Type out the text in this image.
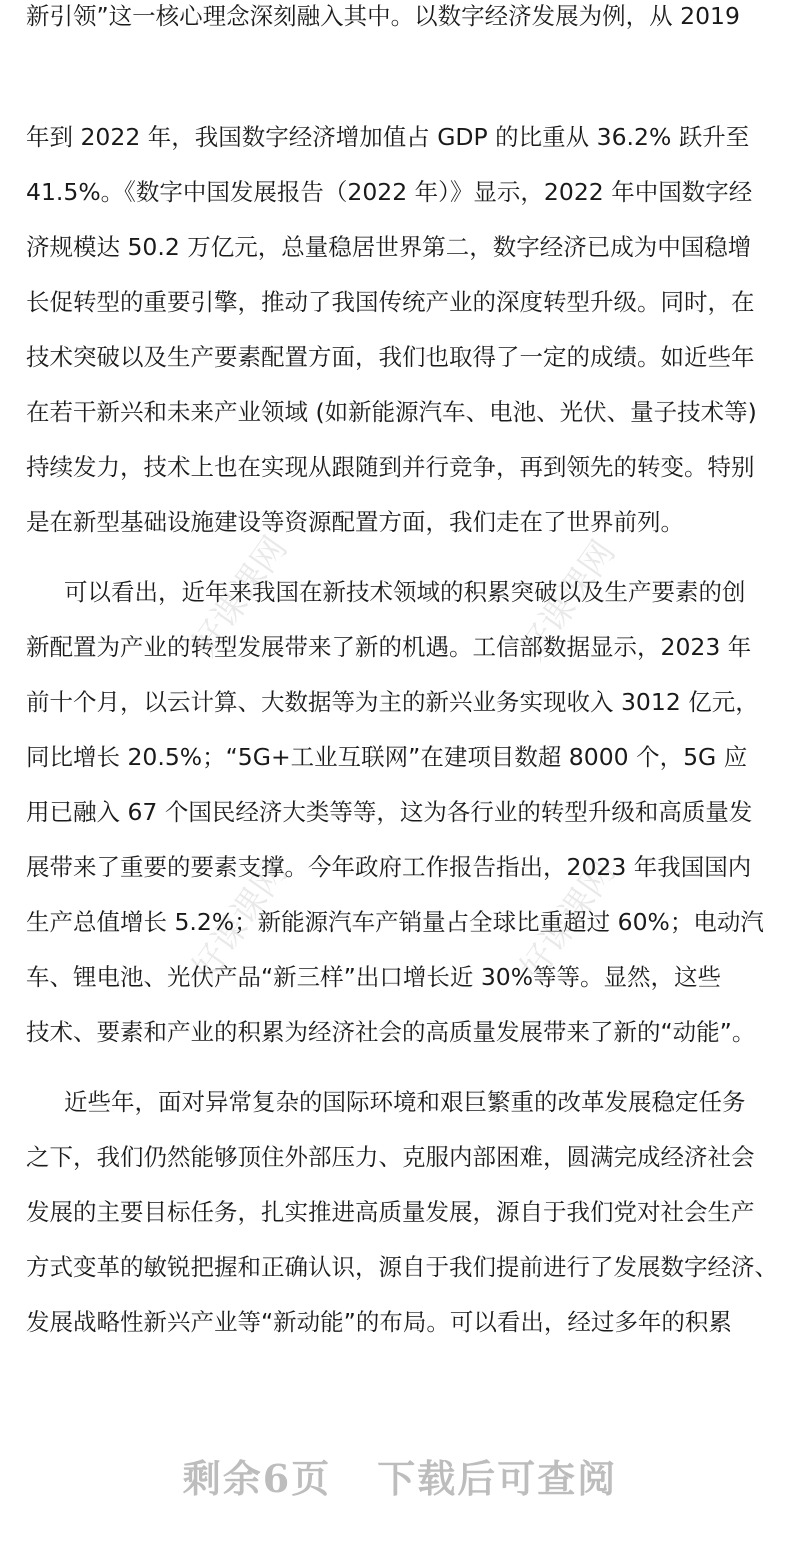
好课课网	好课课网
好课课网	好课课网
新引领”这一核心理念深刻融入其中。以数字经济发展为例，从 2019
年到 2022 年，我国数字经济增加值占 GDP 的比重从 36.2% 跃升至
41.5%。《数字中国发展报告（2022 年）》显示，2022 年中国数字经
济规模达 50.2 万亿元，总量稳居世界第二，数字经济已成为中国稳增
长促转型的重要引擎，推动了我国传统产业的深度转型升级。同时，在
技术突破以及生产要素配置方面，我们也取得了一定的成绩。如近些年
在若干新兴和未来产业领域 (如新能源汽车、电池、光伏、量子技术等)
持续发力，技术上也在实现从跟随到并行竞争，再到领先的转变。特别
是在新型基础设施建设等资源配置方面，我们走在了世界前列。
可以看出，近年来我国在新技术领域的积累突破以及生产要素的创
新配置为产业的转型发展带来了新的机遇。工信部数据显示，2023 年
前十个月，以云计算、大数据等为主的新兴业务实现收入 3012 亿元，
同比增长 20.5%；“5G+工业互联网”在建项目数超 8000 个，5G 应
用已融入 67 个国民经济大类等等，这为各行业的转型升级和高质量发
展带来了重要的要素支撑。今年政府工作报告指出，2023 年我国国内
生产总值增长 5.2%；新能源汽车产销量占全球比重超过 60%；电动汽
车、锂电池、光伏产品“新三样”出口增长近 30%等等。显然，这些
技术、要素和产业的积累为经济社会的高质量发展带来了新的“动能”。
近些年，面对异常复杂的国际环境和艰巨繁重的改革发展稳定任务
之下，我们仍然能够顶住外部压力、克服内部困难，圆满完成经济社会
发展的主要目标任务，扎实推进高质量发展，源自于我们党对社会生产
方式变革的敏锐把握和正确认识，源自于我们提前进行了发展数字经济、
发展战略性新兴产业等“新动能”的布局。可以看出，经过多年的积累
剩余6页 下载后可查阅
